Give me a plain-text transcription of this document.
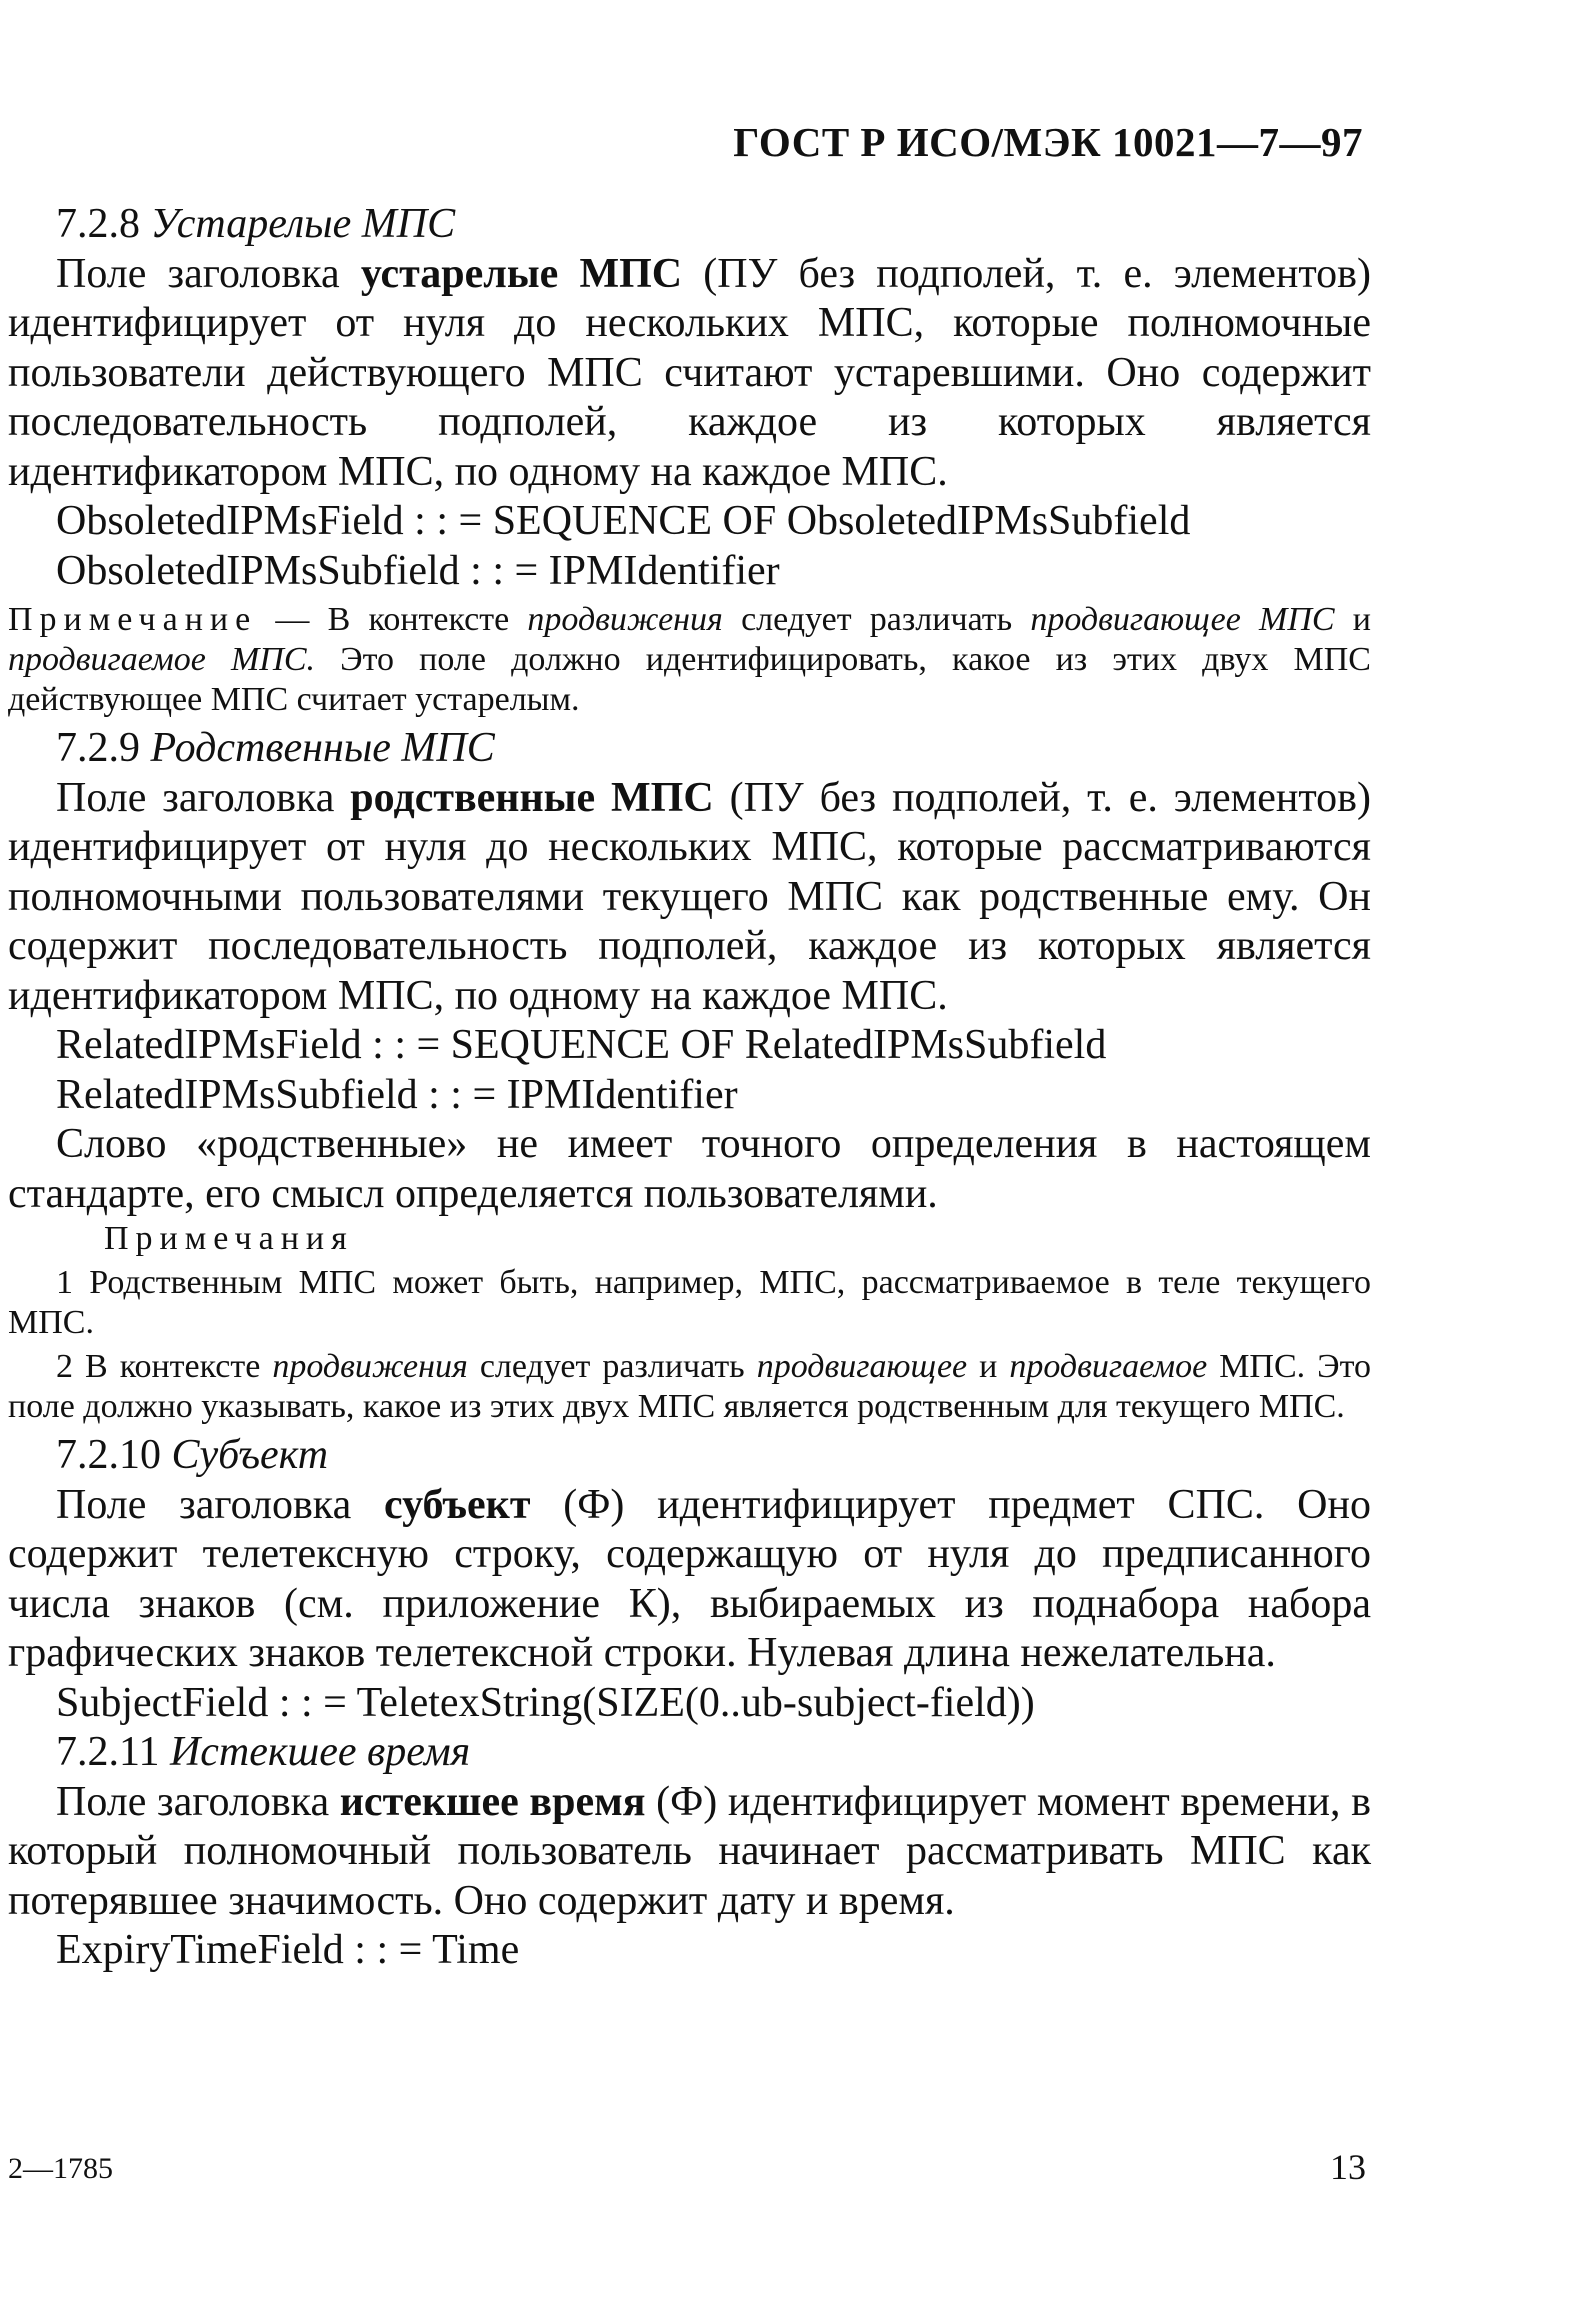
ГОСТ Р ИСО/МЭК 10021—7—97

7.2.8 Устарелые МПС

Поле заголовка устарелые МПС (ПУ без подполей, т. е. элементов) идентифицирует от нуля до нескольких МПС, которые полномочные пользователи действующего МПС считают устаревшими. Оно содержит последовательность подполей, каждое из которых является идентификатором МПС, по одному на каждое МПС.

ObsoletedIPMsField : : = SEQUENCE OF ObsoletedIPMsSubfield

ObsoletedIPMsSubfield : : = IPMIdentifier

Примечание — В контексте продвижения следует различать продвигающее МПС и продвигаемое МПС. Это поле должно идентифицировать, какое из этих двух МПС действующее МПС считает устарелым.

7.2.9 Родственные МПС

Поле заголовка родственные МПС (ПУ без подполей, т. е. элементов) идентифицирует от нуля до нескольких МПС, которые рассматриваются полномочными пользователями текущего МПС как родственные ему. Он содержит последовательность подполей, каждое из которых является идентификатором МПС, по одному на каждое МПС.

RelatedIPMsField : : = SEQUENCE OF RelatedIPMsSubfield

RelatedIPMsSubfield : : = IPMIdentifier

Слово «родственные» не имеет точного определения в настоящем стандарте, его смысл определяется пользователями.

Примечания

1 Родственным МПС может быть, например, МПС, рассматриваемое в теле текущего МПС.

2 В контексте продвижения следует различать продвигающее и продвигаемое МПС. Это поле должно указывать, какое из этих двух МПС является родственным для текущего МПС.

7.2.10 Субъект

Поле заголовка субъект (Ф) идентифицирует предмет СПС. Оно содержит телетексную строку, содержащую от нуля до предписанного числа знаков (см. приложение К), выбираемых из поднабора набора графических знаков телетексной строки. Нулевая длина нежелательна.

SubjectField : : = TeletexString(SIZE(0..ub-subject-field))

7.2.11 Истекшее время

Поле заголовка истекшее время (Ф) идентифицирует момент времени, в который полномочный пользователь начинает рассматривать МПС как потерявшее значимость. Оно содержит дату и время.

ExpiryTimeField : : = Time

2—1785	13
